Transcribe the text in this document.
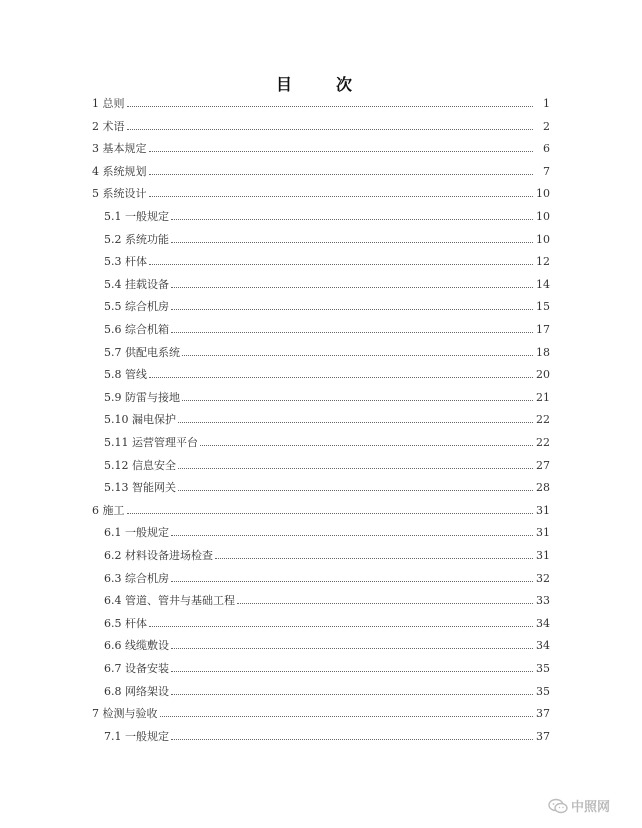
目　次
1 总则	1
2 术语	2
3 基本规定	6
4 系统规划	7
5 系统设计	10
5.1 一般规定	10
5.2 系统功能	10
5.3 杆体	12
5.4 挂载设备	14
5.5 综合机房	15
5.6 综合机箱	17
5.7 供配电系统	18
5.8 管线	20
5.9 防雷与接地	21
5.10 漏电保护	22
5.11 运营管理平台	22
5.12 信息安全	27
5.13 智能网关	28
6 施工	31
6.1 一般规定	31
6.2 材料设备进场检查	31
6.3 综合机房	32
6.4 管道、管井与基础工程	33
6.5 杆体	34
6.6 线缆敷设	34
6.7 设备安装	35
6.8 网络架设	35
7 检测与验收	37
7.1 一般规定	37
中照网
